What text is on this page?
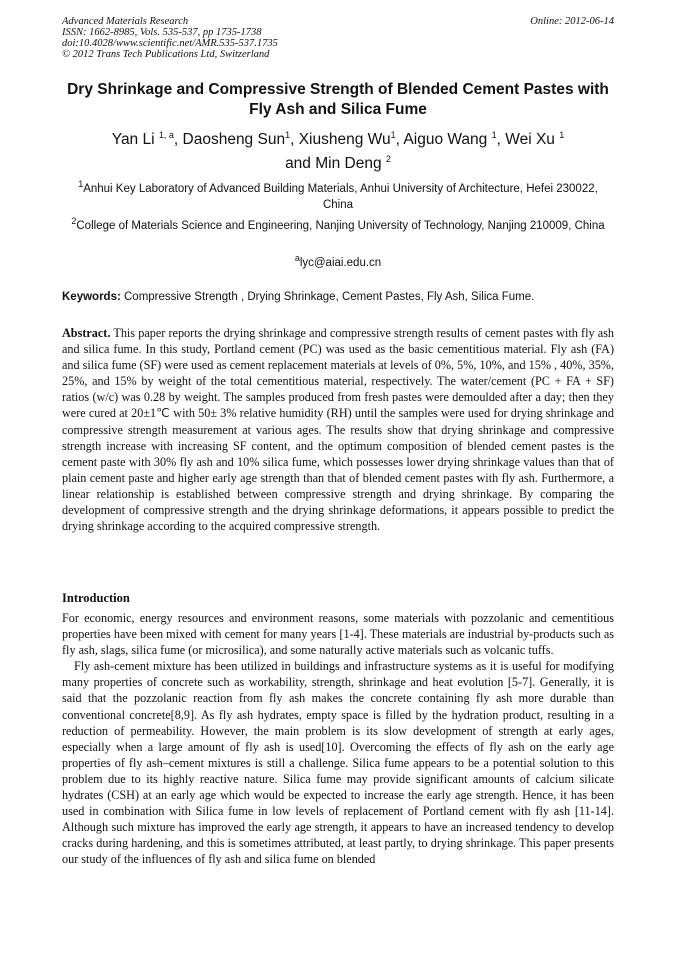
Advanced Materials Research
ISSN: 1662-8985, Vols. 535-537, pp 1735-1738
doi:10.4028/www.scientific.net/AMR.535-537.1735
© 2012 Trans Tech Publications Ltd, Switzerland
Online: 2012-06-14
Dry Shrinkage and Compressive Strength of Blended Cement Pastes with Fly Ash and Silica Fume
Yan Li $^{1, a}$, Daosheng Sun$^1$, Xiusheng Wu$^1$, Aiguo Wang $^1$, Wei Xu $^1$
and Min Deng $^2$
$^1$Anhui Key Laboratory of Advanced Building Materials, Anhui University of Architecture, Hefei 230022, China
$^2$College of Materials Science and Engineering, Nanjing University of Technology, Nanjing 210009, China
$^a$lyc@aiai.edu.cn
Keywords: Compressive Strength , Drying Shrinkage, Cement Pastes, Fly Ash, Silica Fume.
Abstract. This paper reports the drying shrinkage and compressive strength results of cement pastes with fly ash and silica fume. In this study, Portland cement (PC) was used as the basic cementitious material. Fly ash (FA) and silica fume (SF) were used as cement replacement materials at levels of 0%, 5%, 10%, and 15% , 40%, 35%, 25%, and 15% by weight of the total cementitious material, respectively. The water/cement (PC + FA + SF) ratios (w/c) was 0.28 by weight. The samples produced from fresh pastes were demoulded after a day; then they were cured at 20±1℃ with 50± 3% relative humidity (RH) until the samples were used for drying shrinkage and compressive strength measurement at various ages. The results show that drying shrinkage and compressive strength increase with increasing SF content, and the optimum composition of blended cement pastes is the cement paste with 30% fly ash and 10% silica fume, which possesses lower drying shrinkage values than that of plain cement paste and higher early age strength than that of blended cement pastes with fly ash. Furthermore, a linear relationship is established between compressive strength and drying shrinkage. By comparing the development of compressive strength and the drying shrinkage deformations, it appears possible to predict the drying shrinkage according to the acquired compressive strength.
Introduction

For economic, energy resources and environment reasons, some materials with pozzolanic and cementitious properties have been mixed with cement for many years [1-4]. These materials are industrial by-products such as fly ash, slags, silica fume (or microsilica), and some naturally active materials such as volcanic tuffs.

Fly ash-cement mixture has been utilized in buildings and infrastructure systems as it is useful for modifying many properties of concrete such as workability, strength, shrinkage and heat evolution [5-7]. Generally, it is said that the pozzolanic reaction from fly ash makes the concrete containing fly ash more durable than conventional concrete[8,9]. As fly ash hydrates, empty space is filled by the hydration product, resulting in a reduction of permeability. However, the main problem is its slow development of strength at early ages, especially when a large amount of fly ash is used[10]. Overcoming the effects of fly ash on the early age properties of fly ash–cement mixtures is still a challenge. Silica fume appears to be a potential solution to this problem due to its highly reactive nature. Silica fume may provide significant amounts of calcium silicate hydrates (CSH) at an early age which would be expected to increase the early age strength. Hence, it has been used in combination with Silica fume in low levels of replacement of Portland cement with fly ash [11-14]. Although such mixture has improved the early age strength, it appears to have an increased tendency to develop cracks during hardening, and this is sometimes attributed, at least partly, to drying shrinkage. This paper presents our study of the influences of fly ash and silica fume on blended
